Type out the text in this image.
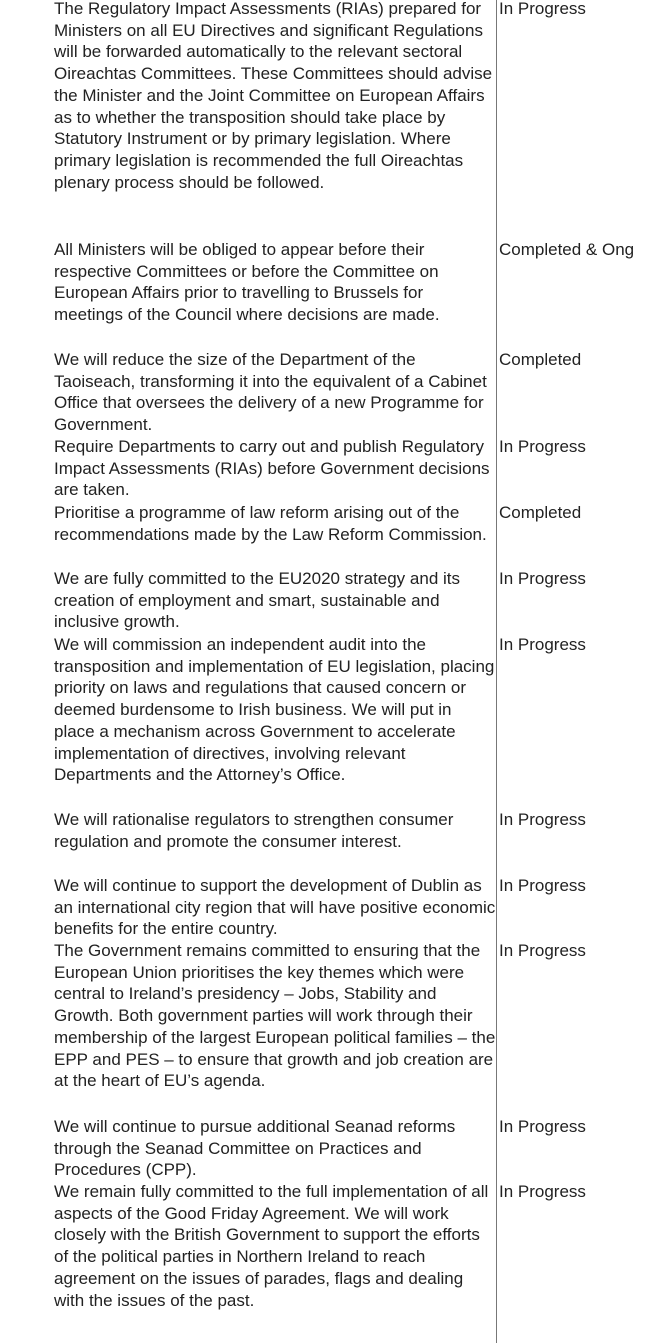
The Regulatory Impact Assessments (RIAs) prepared for Ministers on all EU Directives and significant Regulations will be forwarded automatically to the relevant sectoral Oireachtas Committees. These Committees should advise the Minister and the Joint Committee on European Affairs as to whether the transposition should take place by Statutory Instrument or by primary legislation. Where primary legislation is recommended the full Oireachtas plenary process should be followed.
In Progress
All Ministers will be obliged to appear before their respective Committees or before the Committee on European Affairs prior to travelling to Brussels for meetings of the Council where decisions are made.
Completed & Ong
We will reduce the size of the Department of the Taoiseach, transforming it into the equivalent of a Cabinet Office that oversees the delivery of a new Programme for Government.
Completed
Require Departments to carry out and publish Regulatory Impact Assessments (RIAs) before Government decisions are taken.
In Progress
Prioritise a programme of law reform arising out of the recommendations made by the Law Reform Commission.
Completed
We are fully committed to the EU2020 strategy and its creation of employment and smart, sustainable and inclusive growth.
In Progress
We will commission an independent audit into the transposition and implementation of EU legislation, placing priority on laws and regulations that caused concern or deemed burdensome to Irish business. We will put in place a mechanism across Government to accelerate implementation of directives, involving relevant Departments and the Attorney’s Office.
In Progress
We will rationalise regulators to strengthen consumer regulation and promote the consumer interest.
In Progress
We will continue to support the development of Dublin as an international city region that will have positive economic benefits for the entire country.
In Progress
The Government remains committed to ensuring that the European Union prioritises the key themes which were central to Ireland’s presidency – Jobs, Stability and Growth. Both government parties will work through their membership of the largest European political families – the EPP and PES – to ensure that growth and job creation are at the heart of EU’s agenda.
In Progress
We will continue to pursue additional Seanad reforms through the Seanad Committee on Practices and Procedures (CPP).
In Progress
We remain fully committed to the full implementation of all aspects of the Good Friday Agreement. We will work closely with the British Government to support the efforts of the political parties in Northern Ireland to reach agreement on the issues of parades, flags and dealing with the issues of the past.
In Progress
